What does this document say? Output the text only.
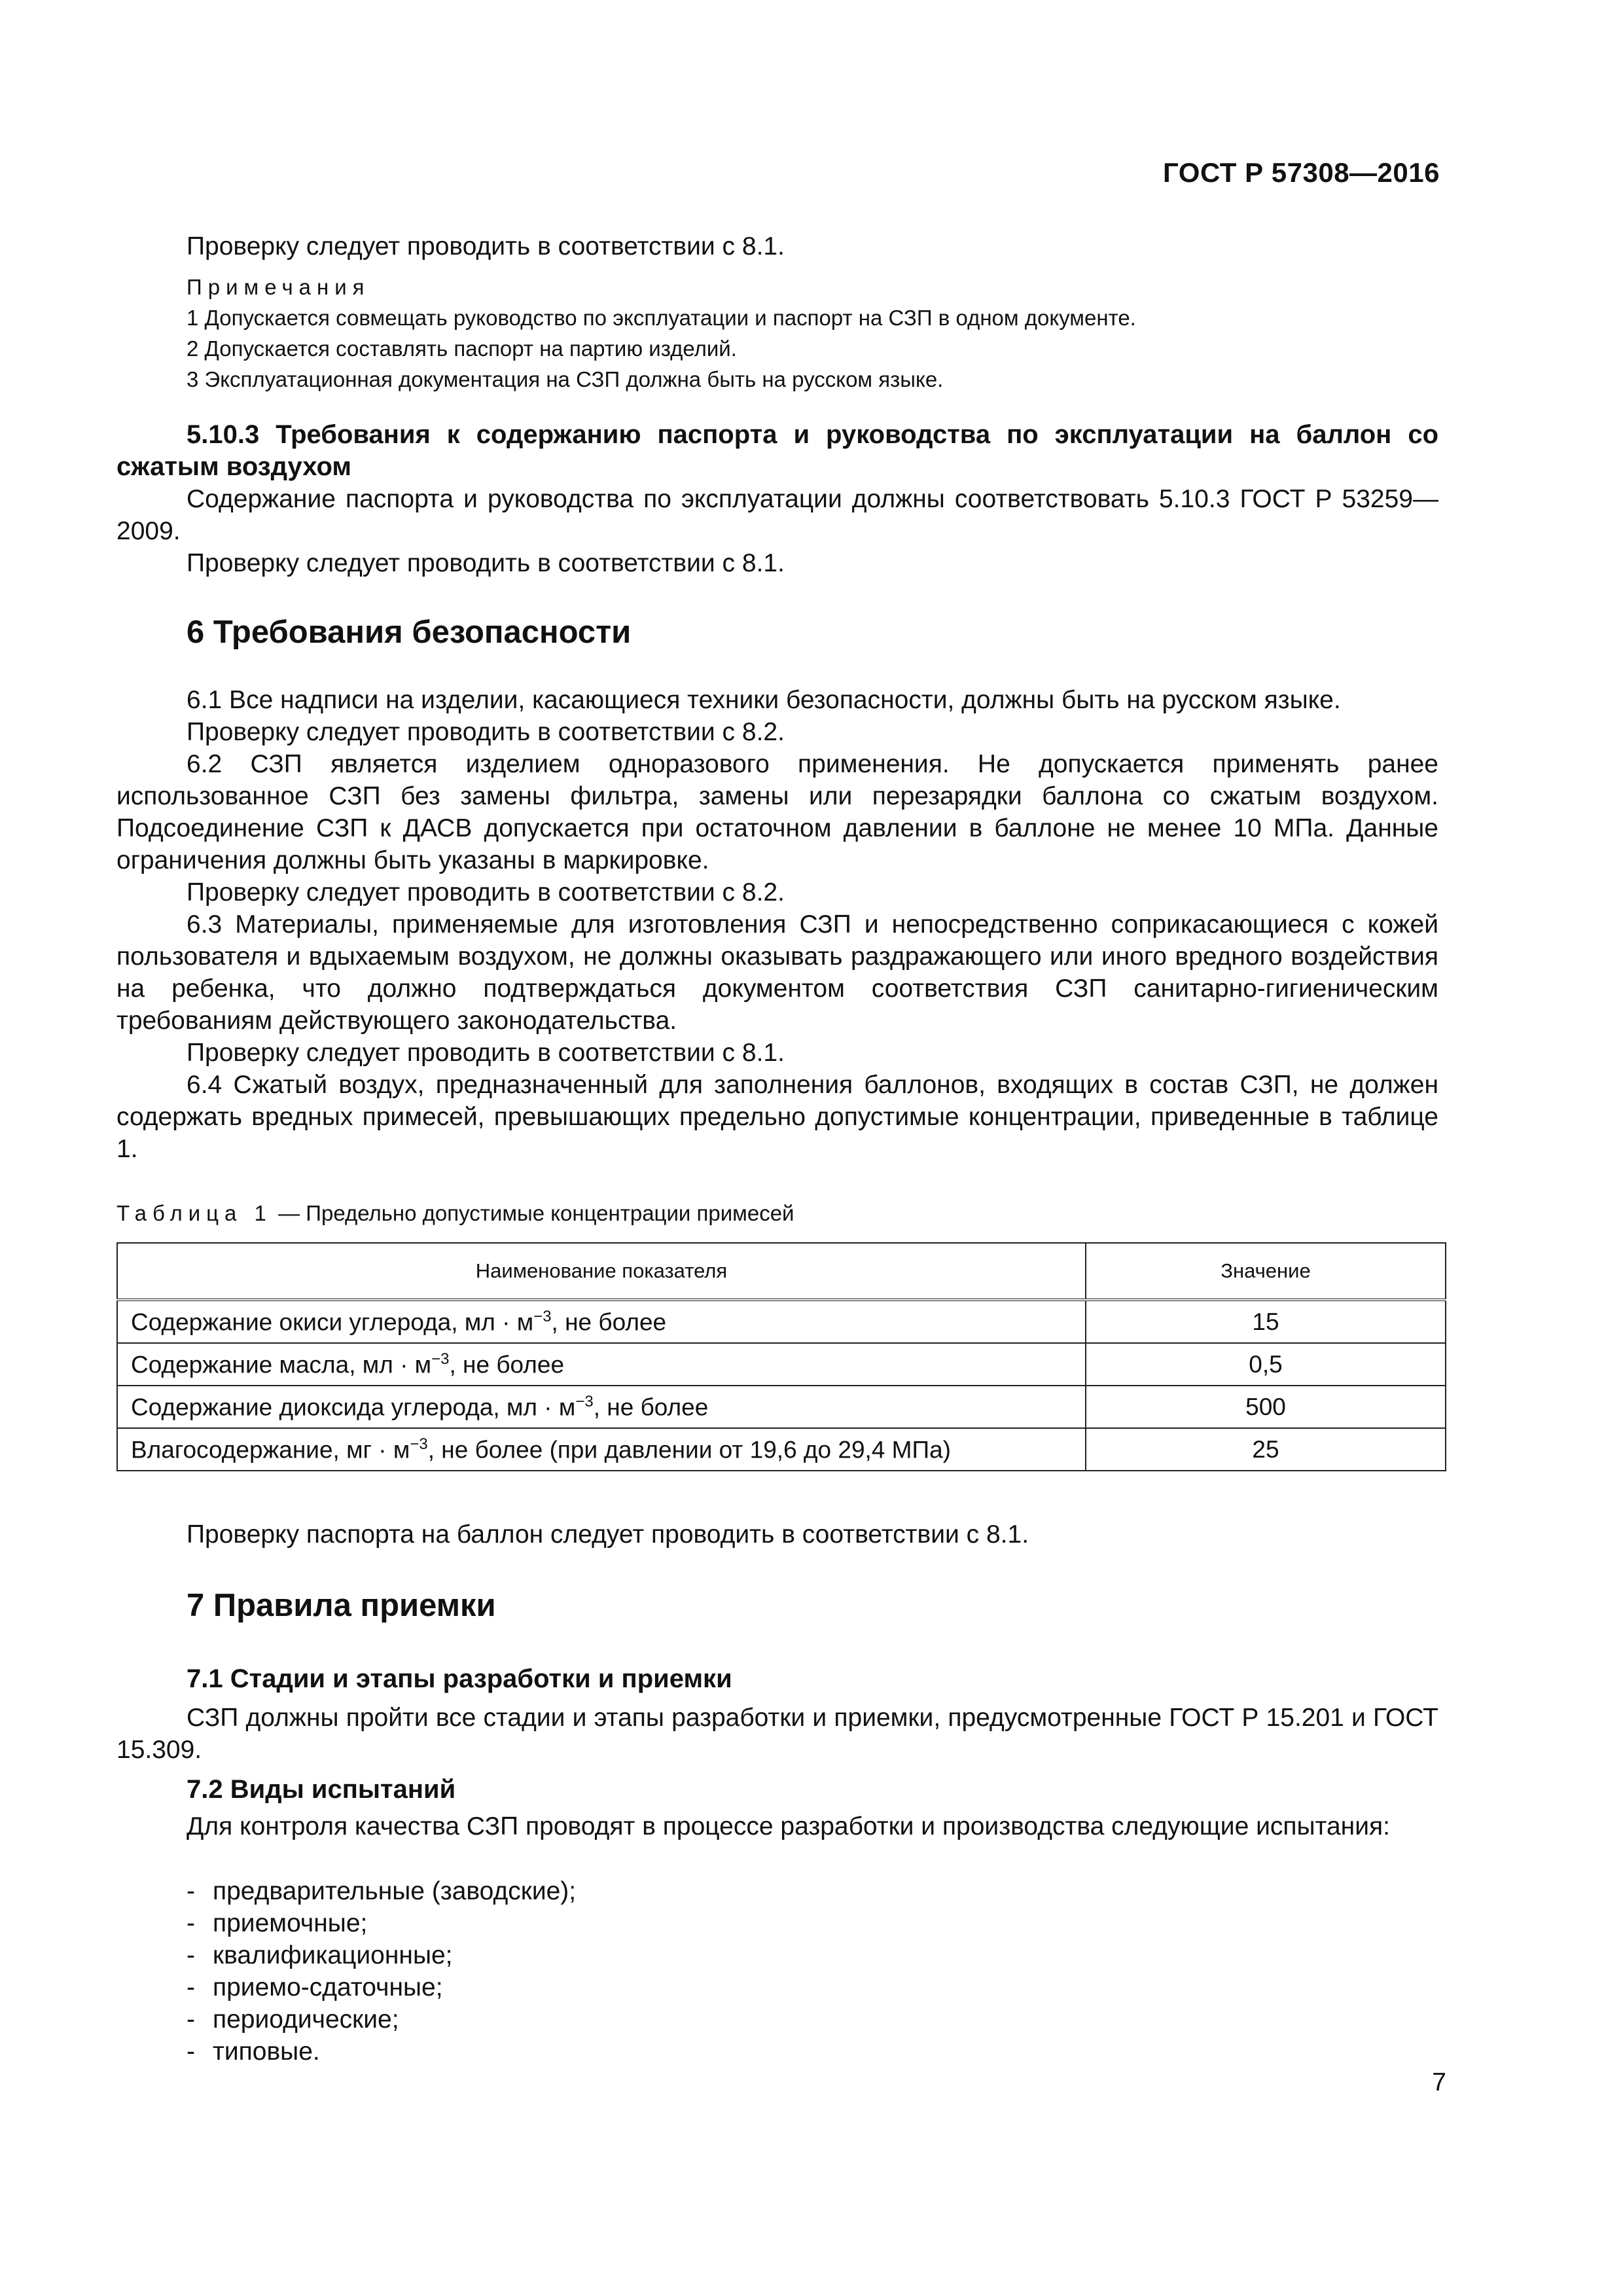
ГОСТ Р 57308—2016

Проверку следует проводить в соответствии с 8.1.

Примечания
1 Допускается совмещать руководство по эксплуатации и паспорт на СЗП в одном документе.
2 Допускается составлять паспорт на партию изделий.
3 Эксплуатационная документация на СЗП должна быть на русском языке.

5.10.3 Требования к содержанию паспорта и руководства по эксплуатации на баллон со сжатым воздухом

Содержание паспорта и руководства по эксплуатации должны соответствовать 5.10.3 ГОСТ Р 53259—2009.

Проверку следует проводить в соответствии с 8.1.

6 Требования безопасности

6.1 Все надписи на изделии, касающиеся техники безопасности, должны быть на русском языке.

Проверку следует проводить в соответствии с 8.2.

6.2 СЗП является изделием одноразового применения. Не допускается применять ранее использованное СЗП без замены фильтра, замены или перезарядки баллона со сжатым воздухом. Подсоединение СЗП к ДАСВ допускается при остаточном давлении в баллоне не менее 10 МПа. Данные ограничения должны быть указаны в маркировке.

Проверку следует проводить в соответствии с 8.2.

6.3 Материалы, применяемые для изготовления СЗП и непосредственно соприкасающиеся с кожей пользователя и вдыхаемым воздухом, не должны оказывать раздражающего или иного вредного воздействия на ребенка, что должно подтверждаться документом соответствия СЗП санитарно-гигиеническим требованиям действующего законодательства.

Проверку следует проводить в соответствии с 8.1.

6.4 Сжатый воздух, предназначенный для заполнения баллонов, входящих в состав СЗП, не должен содержать вредных примесей, превышающих предельно допустимые концентрации, приведенные в таблице 1.

Таблица 1 — Предельно допустимые концентрации примесей
Наименование показателя	Значение
Содержание окиси углерода, мл · $м^{-3}$, не более	15
Содержание масла, мл · $м^{-3}$, не более	0,5
Содержание диоксида углерода, мл · $м^{-3}$, не более	500
Влагосодержание, мг · $м^{-3}$, не более (при давлении от 19,6 до 29,4 МПа)	25

Проверку паспорта на баллон следует проводить в соответствии с 8.1.

7 Правила приемки
7.1 Стадии и этапы разработки и приемки

СЗП должны пройти все стадии и этапы разработки и приемки, предусмотренные ГОСТ Р 15.201 и ГОСТ 15.309.

7.2 Виды испытаний

Для контроля качества СЗП проводят в процессе разработки и производства следующие испытания:

- предварительные (заводские);
- приемочные;
- квалификационные;
- приемо-сдаточные;
- периодические;
- типовые.
7
